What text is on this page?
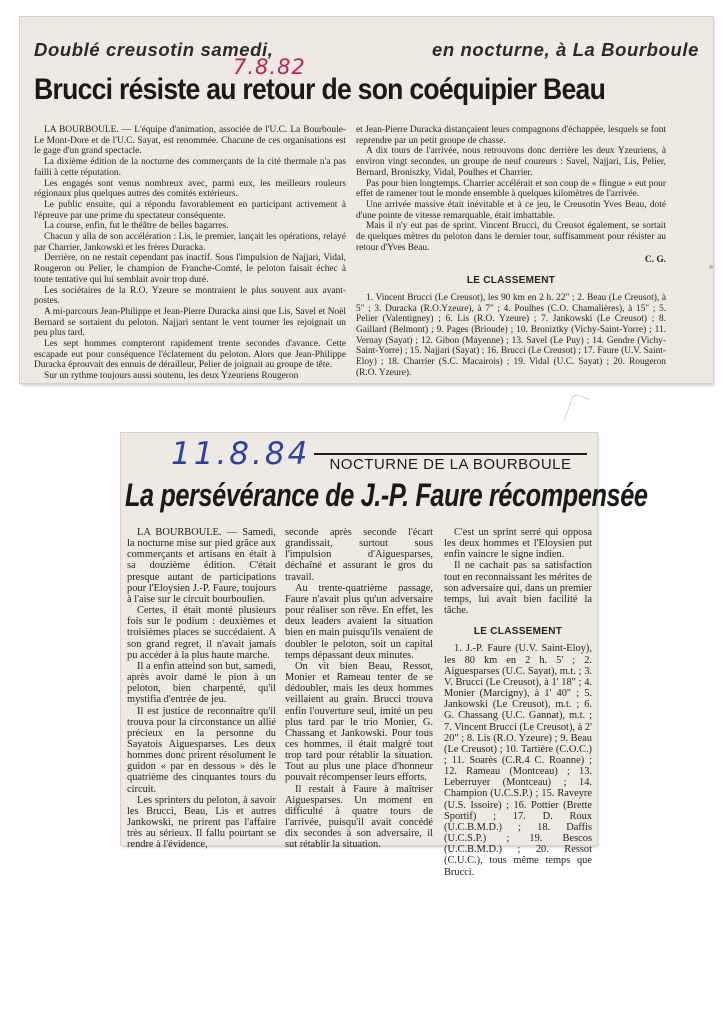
Doublé creusotin samedi,	en nocturne, à La Bourboule
7.8.82
Brucci résiste au retour de son coéquipier Beau

LA BOURBOULE. — L'équipe d'animation, associée de l'U.C. La Bourboule-Le Mont-Dore et de l'U.C. Sayat, est renommée. Chacune de ces organisations est le gage d'un grand spectacle.

La dixième édition de la nocturne des commerçants de la cité thermale n'a pas failli à cette réputation.

Les engagés sont venus nombreux avec, parmi eux, les meilleurs rouleurs régionaux plus quelques autres des comités extérieurs.

Le public ensuite, qui a répondu favorablement en participant activement à l'épreuve par une prime du spectateur conséquente.

La course, enfin, fut le théâtre de belles bagarres.

Chacun y alla de son accélération : Lis, le premier, lançait les opérations, relayé par Charrier, Jankowski et les frères Duracka.

Derrière, on ne restait cependant pas inactif. Sous l'impulsion de Najjari, Vidal, Rougeron ou Pelier, le champion de Franche-Comté, le peloton faisait échec à toute tentative qui lui semblait avoir trop duré.

Les sociétaires de la R.O. Yzeure se montraient le plus souvent aux avant-postes.

A mi-parcours Jean-Philippe et Jean-Pierre Duracka ainsi que Lis, Savel et Noël Bernard se sortaient du peloton. Najjari sentant le vent tourner les rejoignait un peu plus tard.

Les sept hommes compteront rapidement trente secondes d'avance. Cette escapade eut pour conséquence l'éclatement du peloton. Alors que Jean-Philippe Duracka éprouvait des ennuis de dérailleur, Pelier de joignait au groupe de tête.

Sur un rythme toujours aussi soutenu, les deux Yzeuriens Rougeron

et Jean-Pierre Duracka distançaient leurs compagnons d'échappée, lesquels se font reprendre par un petit groupe de chasse.

A dix tours de l'arrivée, nous retrouvons donc derrière les deux Yzeuriens, à environ vingt secondes, un groupe de neuf coureurs : Savel, Najjari, Lis, Pelier, Bernard, Broniszky, Vidal, Poulhes et Charrier.

Pas pour bien longtemps. Charrier accélérait et son coup de « flingue » eut pour effet de ramener tout le monde ensemble à quelques kilomètres de l'arrivée.

Une arrivée massive était inévitable et à ce jeu, le Creusotin Yves Beau, doté d'une pointe de vitesse remarquable, était imbattable.

Mais il n'y eut pas de sprint. Vincent Brucci, du Creusot également, se sortait de quelques mètres du peloton dans le dernier tour, suffisamment pour résister au retour d'Yves Beau.

C. G.

LE CLASSEMENT

1. Vincent Brucci (Le Creusot), les 90 km en 2 h. 22" ; 2. Beau (Le Creusot), à 5" ; 3. Duracka (R.O.Yzeure), à 7" ; 4. Poulhes (C.O. Chamalières), à 15" ; 5. Pelier (Valentigney) ; 6. Lis (R.O. Yzeure) ; 7. Jankowski (Le Creusot) ; 8. Gaillard (Belmont) ; 9. Pages (Brioude) ; 10. Broniztky (Vichy-Saint-Yorre) ; 11. Vernay (Sayat) ; 12. Gibon (Mayenne) ; 13. Savel (Le Puy) ; 14. Gendre (Vichy-Saint-Yorre) ; 15. Najjari (Sayat) ; 16. Brucci (Le Creusot) ; 17. Faure (U.V. Saint-Eloy) ; 18. Charrier (S.C. Macairois) ; 19. Vidal (U.C. Sayat) ; 20. Rougeron (R.O. Yzeure).

11.8.84	NOCTURNE DE LA BOURBOULE
La persévérance de J.-P. Faure récompensée

LA BOURBOULE. — Samedi, la nocturne mise sur pied grâce aux commerçants et artisans en était à sa douzième édition. C'était presque autant de participations pour l'Eloysien J.-P. Faure, toujours à l'aise sur le circuit bourboulien.

Certes, il était monté plusieurs fois sur le podium : deuxièmes et troisièmes places se succédaient. A son grand regret, il n'avait jamais pu accéder à la plus haute marche.

Il a enfin atteind son but, samedi, après avoir damé le pion à un peloton, bien charpenté, qu'il mystifia d'entrée de jeu.

Il est justice de reconnaître qu'il trouva pour la circonstance un allié précieux en la personne du Sayatois Aiguesparses. Les deux hommes donc prirent résolument le guidon « par en dessous » dès le quatrième des cinquantes tours du circuit.

Les sprinters du peloton, à savoir les Brucci, Beau, Lis et autres Jankowski, ne prirent pas l'affaire très au sérieux. Il fallu pourtant se rendre à l'évidence,

seconde après seconde l'écart grandissait, surtout sous l'impulsion d'Aiguesparses, déchaîné et assurant le gros du travail.

Au trente-quatrième passage, Faure n'avait plus qu'un adversaire pour réaliser son rêve. En effet, les deux leaders avaient la situation bien en main puisqu'ils venaient de doubler le peloton, soit un capital temps dépassant deux minutes.

On vit bien Beau, Ressot, Monier et Rameau tenter de se dédoubler, mais les deux hommes veillaient au grain. Brucci trouva enfin l'ouverture seul, imité un peu plus tard par le trio Monier, G. Chassang et Jankowski. Pour tous ces hommes, il était malgré tout trop tard pour rétablir la situation. Tout au plus une place d'honneur pouvait récompenser leurs efforts.

Il restait à Faure à maîtriser Aiguesparses. Un moment en difficulté à quatre tours de l'arrivée, puisqu'il avait concédé dix secondes à son adversaire, il sut rétablir la situation.

C'est un sprint serré qui opposa les deux hommes et l'Eloysien put enfin vaincre le signe indien.

Il ne cachait pas sa satisfaction tout en reconnaissant les mérites de son adversaire qui, dans un premier temps, lui avait bien facilité la tâche.

LE CLASSEMENT

1. J.-P. Faure (U.V. Saint-Eloy), les 80 km en 2 h. 5' ; 2. Aiguesparses (U.C. Sayat), m.t. ; 3. V. Brucci (Le Creusot), à 1' 18" ; 4. Monier (Marcigny), à 1' 40" ; 5. Jankowski (Le Creusot), m.t. ; 6. G. Chassang (U.C. Gannat), m.t. ; 7. Vincent Brucci (Le Creusot), à 2' 20" ; 8. Lis (R.O. Yzeure) ; 9. Beau (Le Creusot) ; 10. Tartière (C.O.C.) ; 11. Soarès (C.R.4 C. Roanne) ; 12. Rameau (Montceau) ; 13. Leberruyer (Montceau) ; 14. Champion (U.C.S.P.) ; 15. Raveyre (U.S. Issoire) ; 16. Pottier (Brette Sportif) ; 17. D. Roux (U.C.B.M.D.) ; 18. Daffis (U.C.S.P.) ; 19. Bescos (U.C.B.M.D.) ; 20. Ressot (C.U.C.), tous même temps que Brucci.
